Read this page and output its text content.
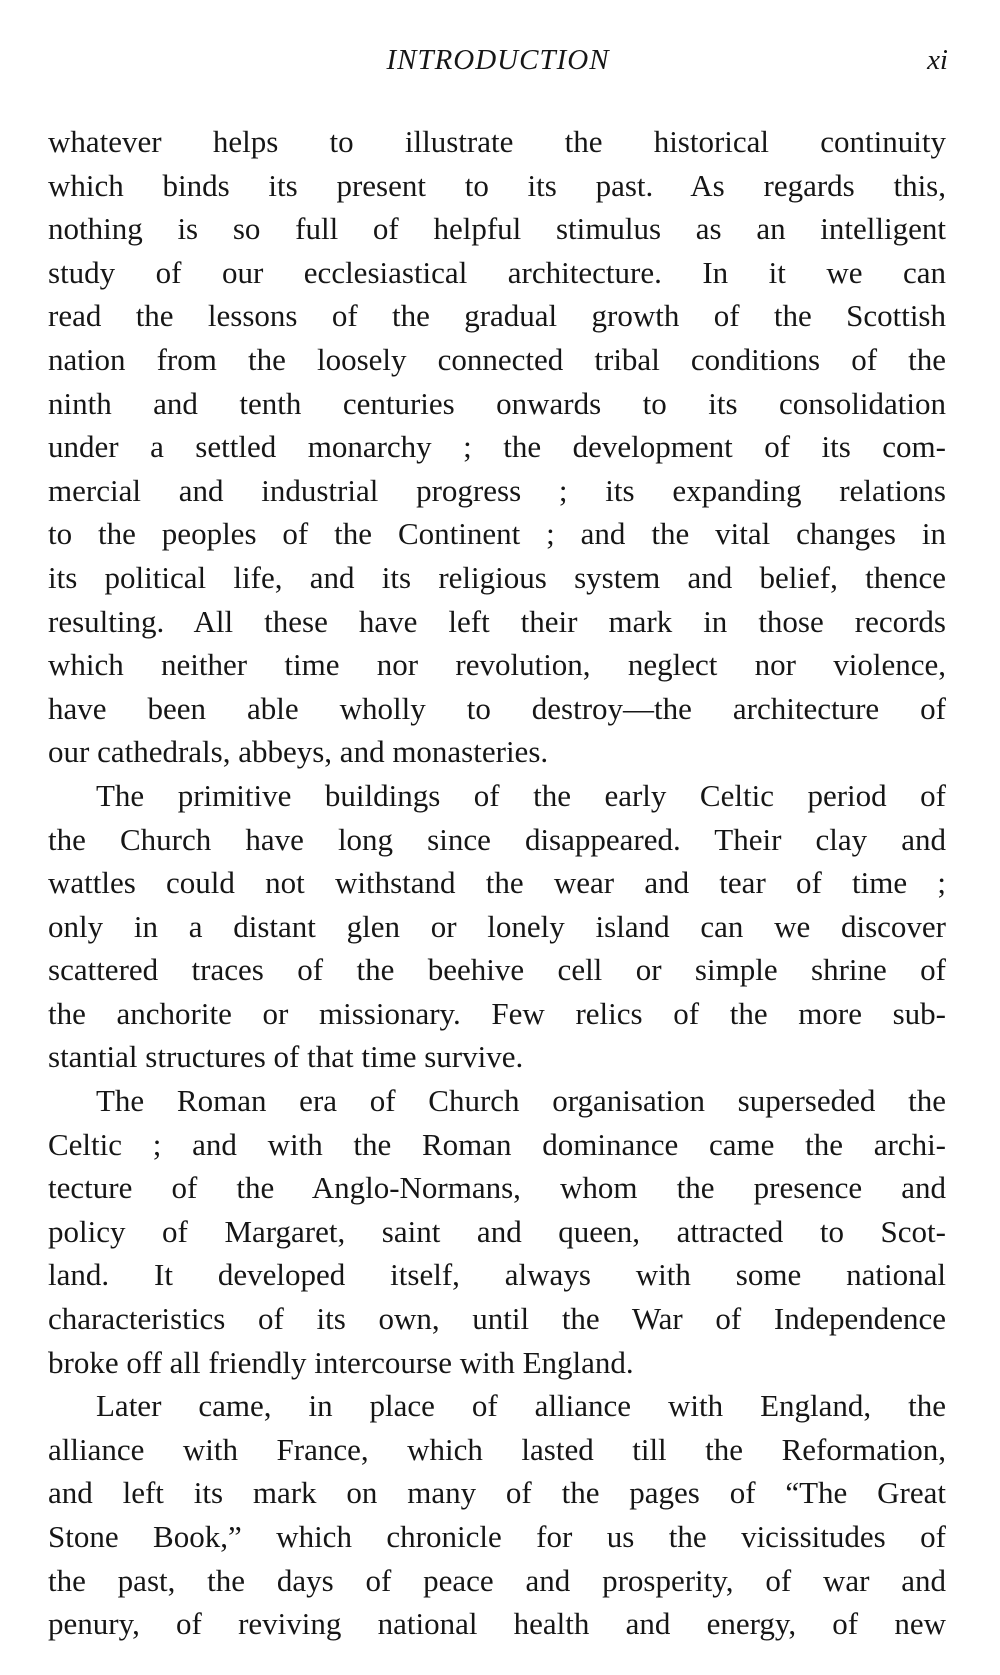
INTRODUCTION	xi
whatever helps to illustrate the historical continuity
which binds its present to its past. As regards this,
nothing is so full of helpful stimulus as an intelligent
study of our ecclesiastical architecture. In it we can
read the lessons of the gradual growth of the Scottish
nation from the loosely connected tribal conditions of the
ninth and tenth centuries onwards to its consolidation
under a settled monarchy ; the development of its com-
mercial and industrial progress ; its expanding relations
to the peoples of the Continent ; and the vital changes in
its political life, and its religious system and belief, thence
resulting. All these have left their mark in those records
which neither time nor revolution, neglect nor violence,
have been able wholly to destroy—the architecture of
our cathedrals, abbeys, and monasteries.
The primitive buildings of the early Celtic period of
the Church have long since disappeared. Their clay and
wattles could not withstand the wear and tear of time ;
only in a distant glen or lonely island can we discover
scattered traces of the beehive cell or simple shrine of
the anchorite or missionary. Few relics of the more sub-
stantial structures of that time survive.
The Roman era of Church organisation superseded the
Celtic ; and with the Roman dominance came the archi-
tecture of the Anglo-Normans, whom the presence and
policy of Margaret, saint and queen, attracted to Scot-
land. It developed itself, always with some national
characteristics of its own, until the War of Independence
broke off all friendly intercourse with England.
Later came, in place of alliance with England, the
alliance with France, which lasted till the Reformation,
and left its mark on many of the pages of “The Great
Stone Book,” which chronicle for us the vicissitudes of
the past, the days of peace and prosperity, of war and
penury, of reviving national health and energy, of new
